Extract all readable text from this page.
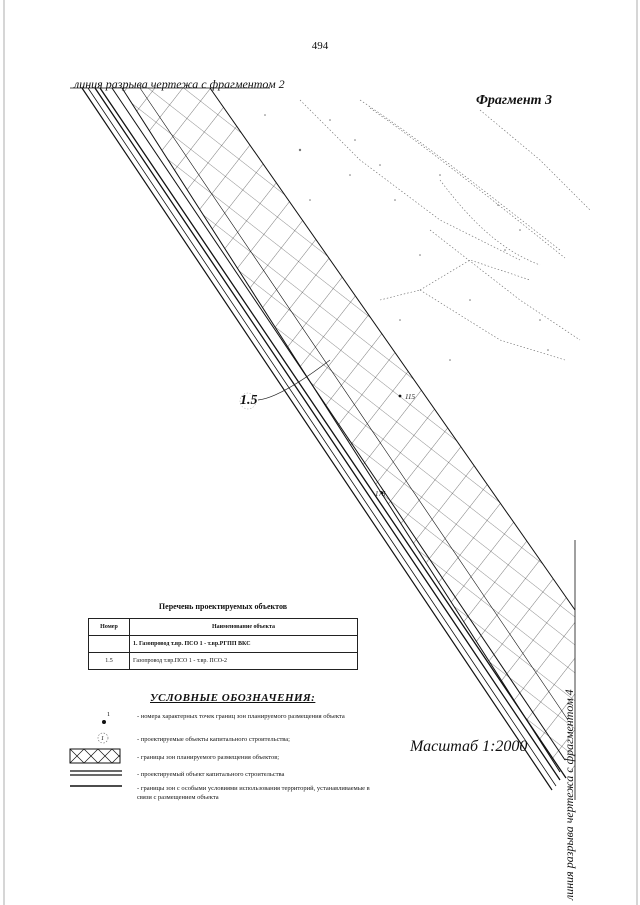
494
линия разрыва чертежа с фрагментом 2
Фрагмент 3
линия разрыва чертежа с фрагментом 4
1.5	115
175
Масштаб 1:2000
Перечень проектируемых объектов
Номер	Наименование объекта
	1. Газопровод т.вр. ПСО 1 - т.вр.РГПП ВКС
1.5	Газопровод т.вр.ПСО 1 - т.вр. ПСО-2
УСЛОВНЫЕ ОБОЗНАЧЕНИЯ:
1	- номера характерных точек границ зон планируемого размещения объекта
1	- проектируемые объекты капитального строительства;
- границы зон планируемого размещения объектов;
- проектируемый объект капитального строительства
- границы зон с особыми условиями использования территорий, устанавливаемые в связи с размещением объекта
